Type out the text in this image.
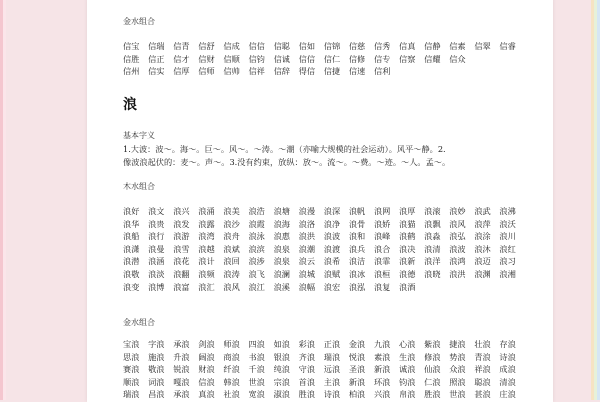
金水组合
信宝	信瑞	信青	信舒	信成	信信	信聪	信如	信锦	信慈	信秀	信真	信静	信素	信翠	信睿
信胜	信正	信才	信财	信顺	信钧	信诚	信信	信仁	信修	信专	信察	信耀	信众
信州	信实	信厚	信师	信帅	信祥	信辞	得信	信捷	信速	信利
浪
基本字义
1.大波：波～。海～。巨～。风～。～涛。～潮（亦喻大规模的社会运动）。风平～静。2.
像波浪起伏的：麦～。声～。3.没有约束，放纵：放～。流～。～费。～迹。～人。孟～。
木水组合
浪好	浪文	浪兴	浪涌	浪美	浪浩	浪塘	浪漫	浪深	浪帆	浪网	浪厚	浪滚	浪妙	浪武	浪沸
浪华	浪贵	浪发	浪露	浪沙	浪霞	浪海	浪洛	浪净	浪骨	浪娇	浪猫	浪飘	浪风	浪萍	浪沃
浪船	浪行	浪游	浪湾	浪舟	浪泳	浪惠	浪洪	浪波	浪和	浪峰	浪鹤	浪淼	浪弘	浪涂	浪川
浪潇	浪曼	浪雪	浪越	浪斌	浪滨	浪泉	浪潮	浪渡	浪兵	浪合	浪决	浪清	浪波	浪沐	浪红
浪潜	浪涵	浪花	浪计	浪回	浪涉	浪泉	浪云	浪希	浪洁	浪霏	浪新	浪洋	浪鸿	浪迈	浪习
浪敬	浪淡	浪翻	浪频	浪涛	浪飞	浪澜	浪城	浪赋	浪冰	浪桓	浪德	浪晓	浪洪	浪渊	浪湘
浪变	浪博	浪富	浪汇	浪风	浪江	浪溪	浪幅	浪宏	浪泓	浪复	浪酒
金水组合
宝浪	字浪	承浪	剑浪	师浪	四浪	如浪	彩浪	正浪	金浪	九浪	心浪	紫浪	捷浪	壮浪	存浪
思浪	施浪	升浪	阔浪	商浪	书浪	银浪	齐浪	瑞浪	悦浪	素浪	生浪	修浪	势浪	青浪	诗浪
赛浪	敬浪	锐浪	财浪	纤浪	千浪	纯浪	守浪	远浪	圣浪	新浪	诚浪	仙浪	众浪	祥浪	成浪
顺浪	词浪	嘎浪	信浪	韩浪	世浪	宗浪	首浪	主浪	新浪	环浪	钧浪	仁浪	照浪	聪浪	清浪
瑞浪	昌浪	承浪	真浪	社浪	宽浪	淑浪	胜浪	诗浪	柏浪	兴浪	帛浪	胜浪	世浪	甚浪	庄浪
